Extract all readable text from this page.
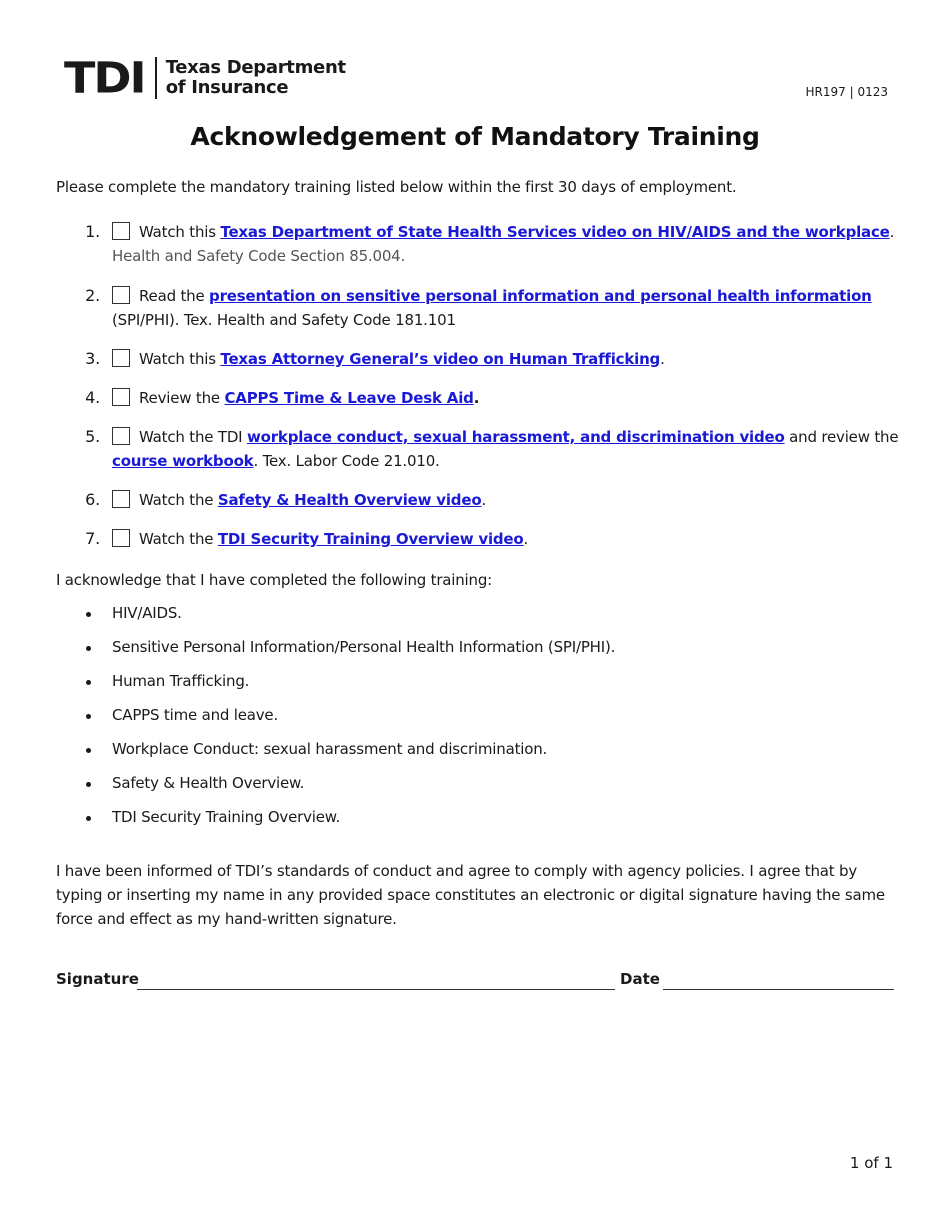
TDI Texas Department
of Insurance	HR197 | 0123
Acknowledgement of Mandatory Training
Please complete the mandatory training listed below within the first 30 days of employment.
1.	Watch this Texas Department of State Health Services video on HIV/AIDS and the workplace.
Health and Safety Code Section 85.004.
2.	Read the presentation on sensitive personal information and personal health information
(SPI/PHI). Tex. Health and Safety Code 181.101
3.	Watch this Texas Attorney General’s video on Human Trafficking.
4.	Review the CAPPS Time & Leave Desk Aid.
5.	Watch the TDI workplace conduct, sexual harassment, and discrimination video and review the
course workbook. Tex. Labor Code 21.010.
6.	Watch the Safety & Health Overview video.
7.	Watch the TDI Security Training Overview video.
I acknowledge that I have completed the following training:
HIV/AIDS.
Sensitive Personal Information/Personal Health Information (SPI/PHI).
Human Trafficking.
CAPPS time and leave.
Workplace Conduct: sexual harassment and discrimination.
Safety & Health Overview.
TDI Security Training Overview.
I have been informed of TDI’s standards of conduct and agree to comply with agency policies. I agree that by typing or inserting my name in any provided space constitutes an electronic or digital signature having the same force and effect as my hand-written signature.
Signature	Date
1 of 1
